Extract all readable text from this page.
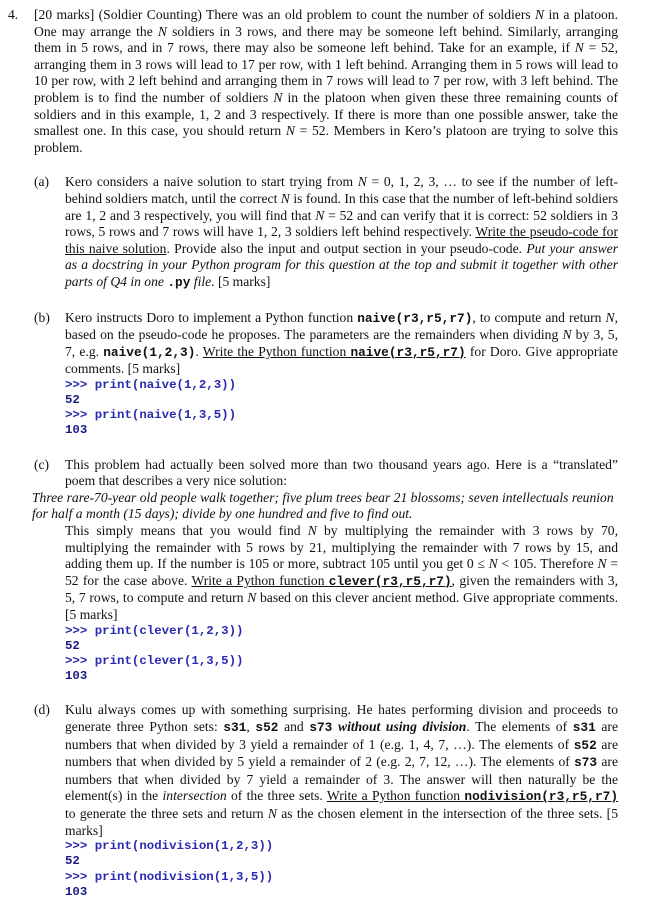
4. [20 marks] (Soldier Counting) There was an old problem to count the number of soldiers N in a platoon. One may arrange the N soldiers in 3 rows, and there may be someone left behind. Similarly, arranging them in 5 rows, and in 7 rows, there may also be someone left behind. Take for an example, if N = 52, arranging them in 3 rows will lead to 17 per row, with 1 left behind. Arranging them in 5 rows will lead to 10 per row, with 2 left behind and arranging them in 7 rows will lead to 7 per row, with 3 left behind. The problem is to find the number of soldiers N in the platoon when given these three remaining counts of soldiers and in this example, 1, 2 and 3 respectively. If there is more than one possible answer, take the smallest one. In this case, you should return N = 52. Members in Kero’s platoon are trying to solve this problem.
(a) Kero considers a naive solution to start trying from N = 0, 1, 2, 3, … to see if the number of left-behind soldiers match, until the correct N is found. In this case that the number of left-behind soldiers are 1, 2 and 3 respectively, you will find that N = 52 and can verify that it is correct: 52 soldiers in 3 rows, 5 rows and 7 rows will have 1, 2, 3 soldiers left behind respectively. Write the pseudo-code for this naive solution. Provide also the input and output section in your pseudo-code. Put your answer as a docstring in your Python program for this question at the top and submit it together with other parts of Q4 in one .py file. [5 marks]
(b) Kero instructs Doro to implement a Python function naive(r3,r5,r7), to compute and return N, based on the pseudo-code he proposes. The parameters are the remainders when dividing N by 3, 5, 7, e.g. naive(1,2,3). Write the Python function naive(r3,r5,r7) for Doro. Give appropriate comments. [5 marks]
>>> print(naive(1,2,3))
52
>>> print(naive(1,3,5))
103
(c) This problem had actually been solved more than two thousand years ago. Here is a “translated” poem that describes a very nice solution:
Three rare-70-year old people walk together; five plum trees bear 21 blossoms; seven intellectuals reunion for half a month (15 days); divide by one hundred and five to find out.
This simply means that you would find N by multiplying the remainder with 3 rows by 70, multiplying the remainder with 5 rows by 21, multiplying the remainder with 7 rows by 15, and adding them up. If the number is 105 or more, subtract 105 until you get 0 ≤ N < 105. Therefore N = 52 for the case above. Write a Python function clever(r3,r5,r7), given the remainders with 3, 5, 7 rows, to compute and return N based on this clever ancient method. Give appropriate comments. [5 marks]
>>> print(clever(1,2,3))
52
>>> print(clever(1,3,5))
103
(d) Kulu always comes up with something surprising. He hates performing division and proceeds to generate three Python sets: s31, s52 and s73 without using division. The elements of s31 are numbers that when divided by 3 yield a remainder of 1 (e.g. 1, 4, 7, …). The elements of s52 are numbers that when divided by 5 yield a remainder of 2 (e.g. 2, 7, 12, …). The elements of s73 are numbers that when divided by 7 yield a remainder of 3. The answer will then naturally be the element(s) in the intersection of the three sets. Write a Python function nodivision(r3,r5,r7) to generate the three sets and return N as the chosen element in the intersection of the three sets. [5 marks]
>>> print(nodivision(1,2,3))
52
>>> print(nodivision(1,3,5))
103
